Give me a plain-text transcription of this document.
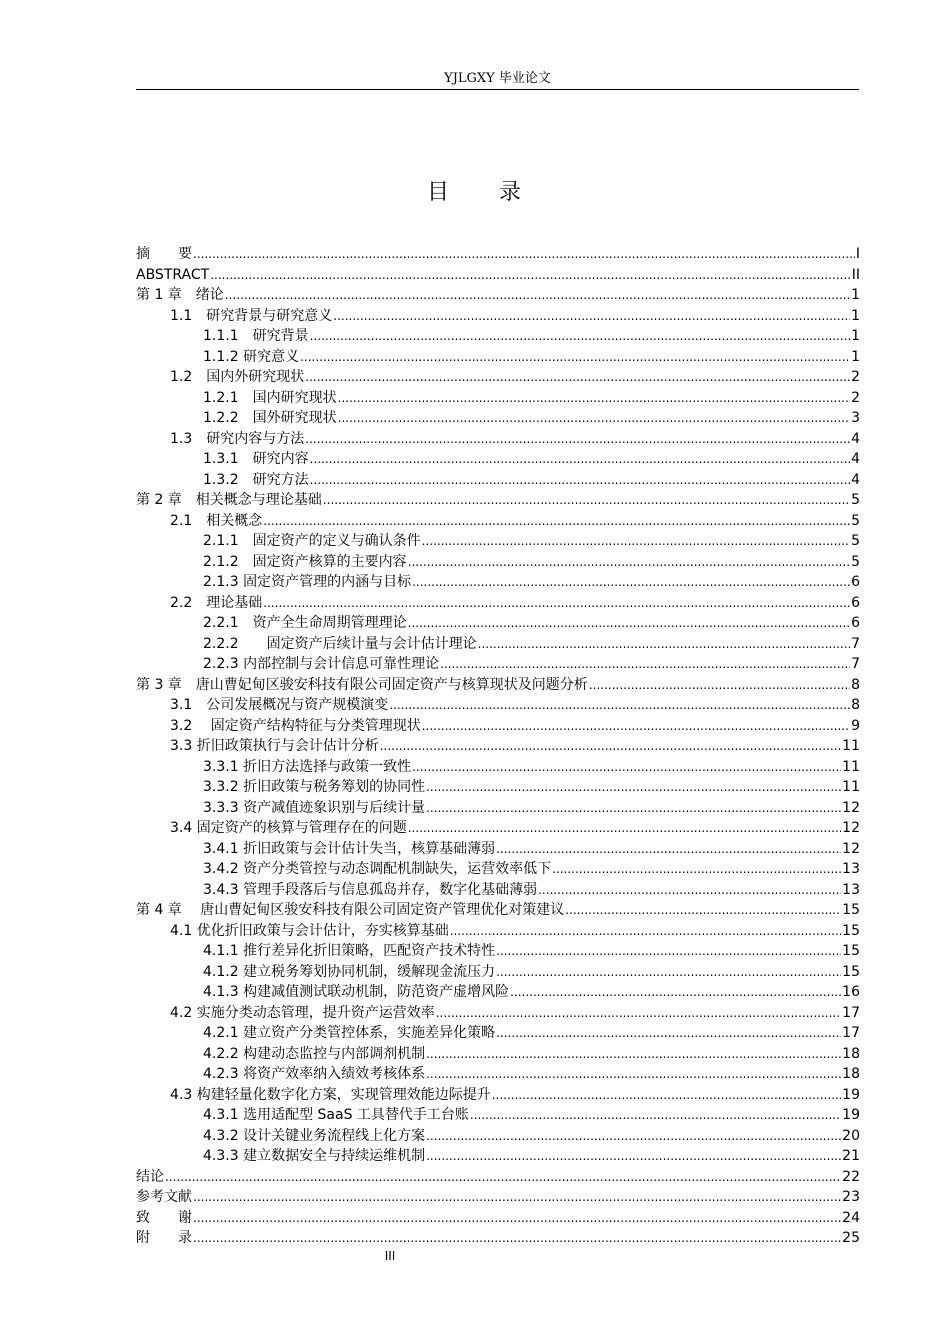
YJLGXY 毕业论文
目　　录
摘　　要 .....	I
ABSTRACT .....	II
第 1 章　绪论 .....	1
1.1　研究背景与研究意义 .....	1
1.1.1　研究背景 .....	1
1.1.2 研究意义 .....	1
1.2　国内外研究现状 .....	2
1.2.1　国内研究现状 .....	2
1.2.2　国外研究现状 .....	3
1.3　研究内容与方法 .....	4
1.3.1　研究内容 .....	4
1.3.2　研究方法 .....	4
第 2 章　相关概念与理论基础 .....	5
2.1　相关概念 .....	5
2.1.1　固定资产的定义与确认条件 .....	5
2.1.2　固定资产核算的主要内容 .....	5
2.1.3 固定资产管理的内涵与目标 .....	6
2.2　理论基础 .....	6
2.2.1　资产全生命周期管理理论 .....	6
2.2.2　　固定资产后续计量与会计估计理论 .....	7
2.2.3 内部控制与会计信息可靠性理论 .....	7
第 3 章　唐山曹妃甸区骏安科技有限公司固定资产与核算现状及问题分析 .....	8
3.1　公司发展概况与资产规模演变 .....	8
3.2　 固定资产结构特征与分类管理现状 .....	9
3.3 折旧政策执行与会计估计分析 .....	11
3.3.1 折旧方法选择与政策一致性 .....	11
3.3.2 折旧政策与税务筹划的协同性 .....	11
3.3.3 资产减值迹象识别与后续计量 .....	12
3.4 固定资产的核算与管理存在的问题 .....	12
3.4.1 折旧政策与会计估计失当，核算基础薄弱 .....	12
3.4.2 资产分类管控与动态调配机制缺失，运营效率低下 .....	13
3.4.3 管理手段落后与信息孤岛并存，数字化基础薄弱 .....	13
第 4 章　 唐山曹妃甸区骏安科技有限公司固定资产管理优化对策建议 .....	15
4.1 优化折旧政策与会计估计，夯实核算基础 .....	15
4.1.1 推行差异化折旧策略，匹配资产技术特性 .....	15
4.1.2 建立税务筹划协同机制，缓解现金流压力 .....	15
4.1.3 构建减值测试联动机制，防范资产虚增风险 .....	16
4.2 实施分类动态管理，提升资产运营效率 .....	17
4.2.1 建立资产分类管控体系，实施差异化策略 .....	17
4.2.2 构建动态监控与内部调剂机制 .....	18
4.2.3 将资产效率纳入绩效考核体系 .....	18
4.3 构建轻量化数字化方案，实现管理效能边际提升 .....	19
4.3.1 选用适配型 SaaS 工具替代手工台账 .....	19
4.3.2 设计关键业务流程线上化方案 .....	20
4.3.3 建立数据安全与持续运维机制 .....	21
结论 .....	22
参考文献 .....	23
致　　谢 .....	24
附　　录 .....	25
III
